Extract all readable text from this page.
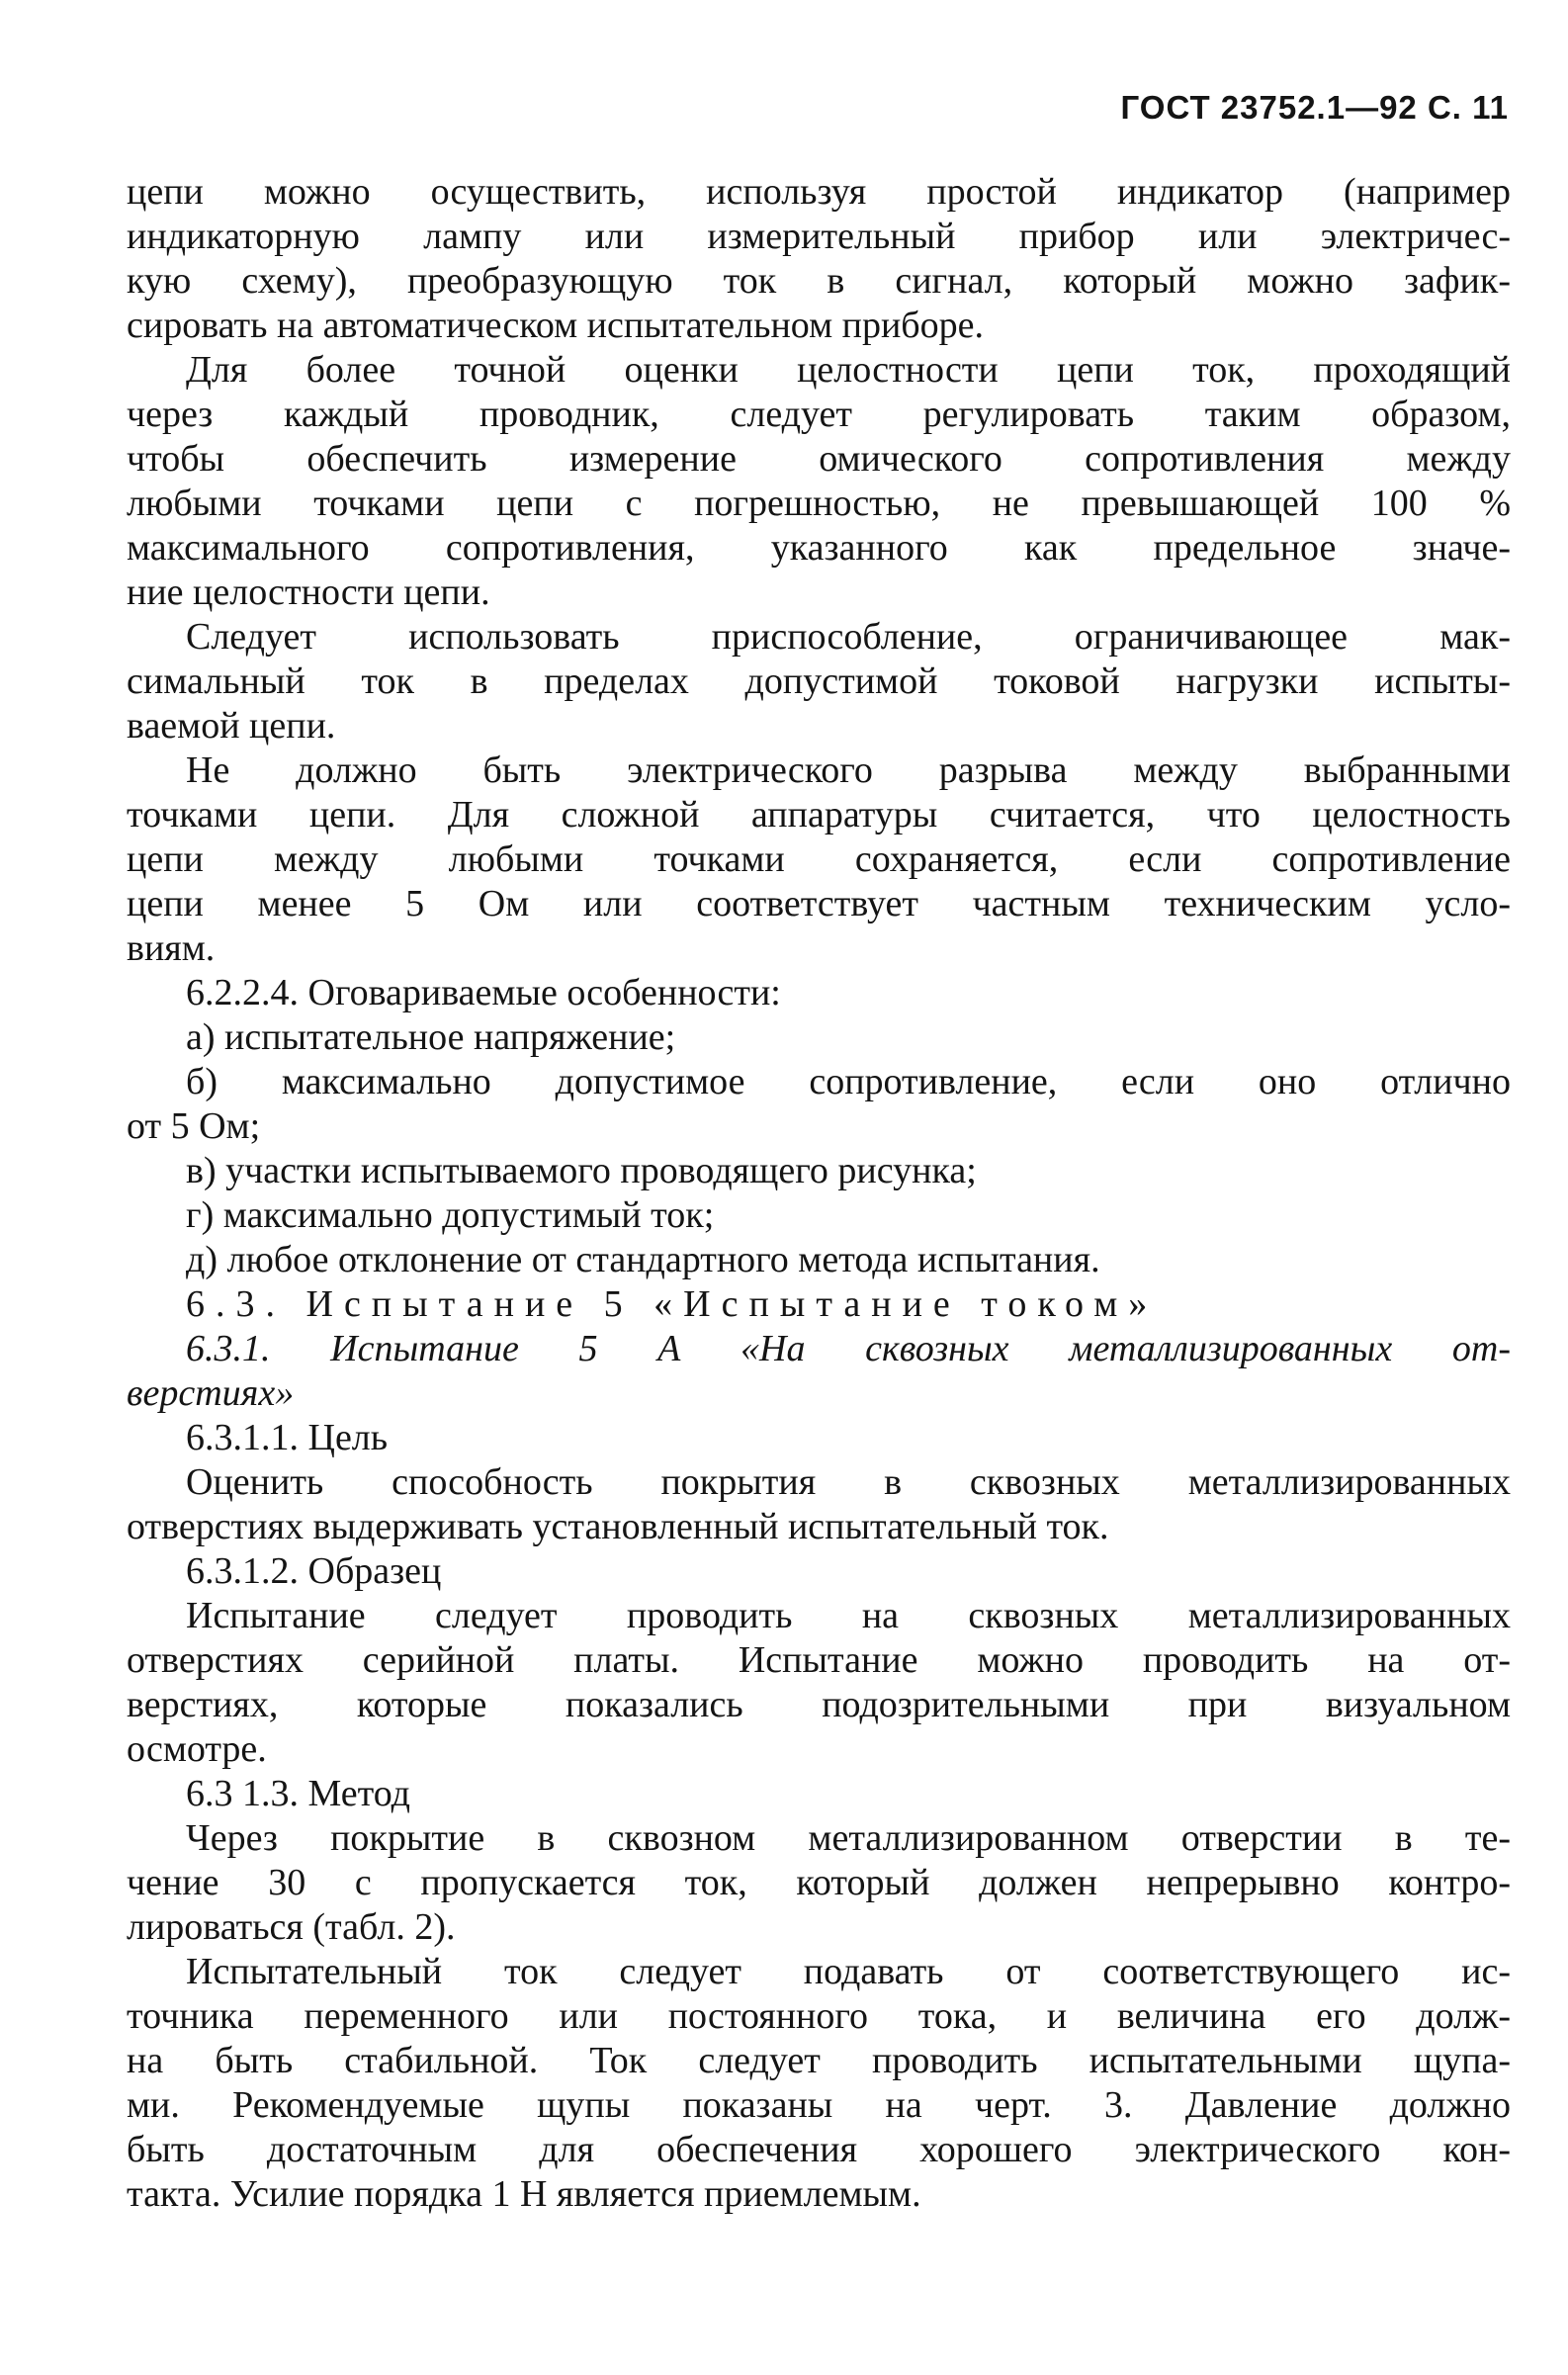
ГОСТ 23752.1—92 С. 11
цепи можно осуществить, используя простой индикатор (например
индикаторную лампу или измерительный прибор или электричес-
кую схему), преобразующую ток в сигнал, который можно зафик-
сировать на автоматическом испытательном приборе.
Для более точной оценки целостности цепи ток, проходящий
через каждый проводник, следует регулировать таким образом,
чтобы обеспечить измерение омического сопротивления между
любыми точками цепи с погрешностью, не превышающей 100 %
максимального сопротивления, указанного как предельное значе-
ние целостности цепи.
Следует использовать приспособление, ограничивающее мак-
симальный ток в пределах допустимой токовой нагрузки испыты-
ваемой цепи.
Не должно быть электрического разрыва между выбранными
точками цепи. Для сложной аппаратуры считается, что целостность
цепи между любыми точками сохраняется, если сопротивление
цепи менее 5 Ом или соответствует частным техническим усло-
виям.
6.2.2.4. Оговариваемые особенности:
а) испытательное напряжение;
б) максимально допустимое сопротивление, если оно отлично
от 5 Ом;
в) участки испытываемого проводящего рисунка;
г) максимально допустимый ток;
д) любое отклонение от стандартного метода испытания.
6.3. Испытание 5 «Испытание током»
6.3.1. Испытание 5 А «На сквозных металлизированных от-
верстиях»
6.3.1.1. Цель
Оценить способность покрытия в сквозных металлизированных
отверстиях выдерживать установленный испытательный ток.
6.3.1.2. Образец
Испытание следует проводить на сквозных металлизированных
отверстиях серийной платы. Испытание можно проводить на от-
верстиях, которые показались подозрительными при визуальном
осмотре.
6.3 1.3. Метод
Через покрытие в сквозном металлизированном отверстии в те-
чение 30 с пропускается ток, который должен непрерывно контро-
лироваться (табл. 2).
Испытательный ток следует подавать от соответствующего ис-
точника переменного или постоянного тока, и величина его долж-
на быть стабильной. Ток следует проводить испытательными щупа-
ми. Рекомендуемые щупы показаны на черт. 3. Давление должно
быть достаточным для обеспечения хорошего электрического кон-
такта. Усилие порядка 1 Н является приемлемым.
